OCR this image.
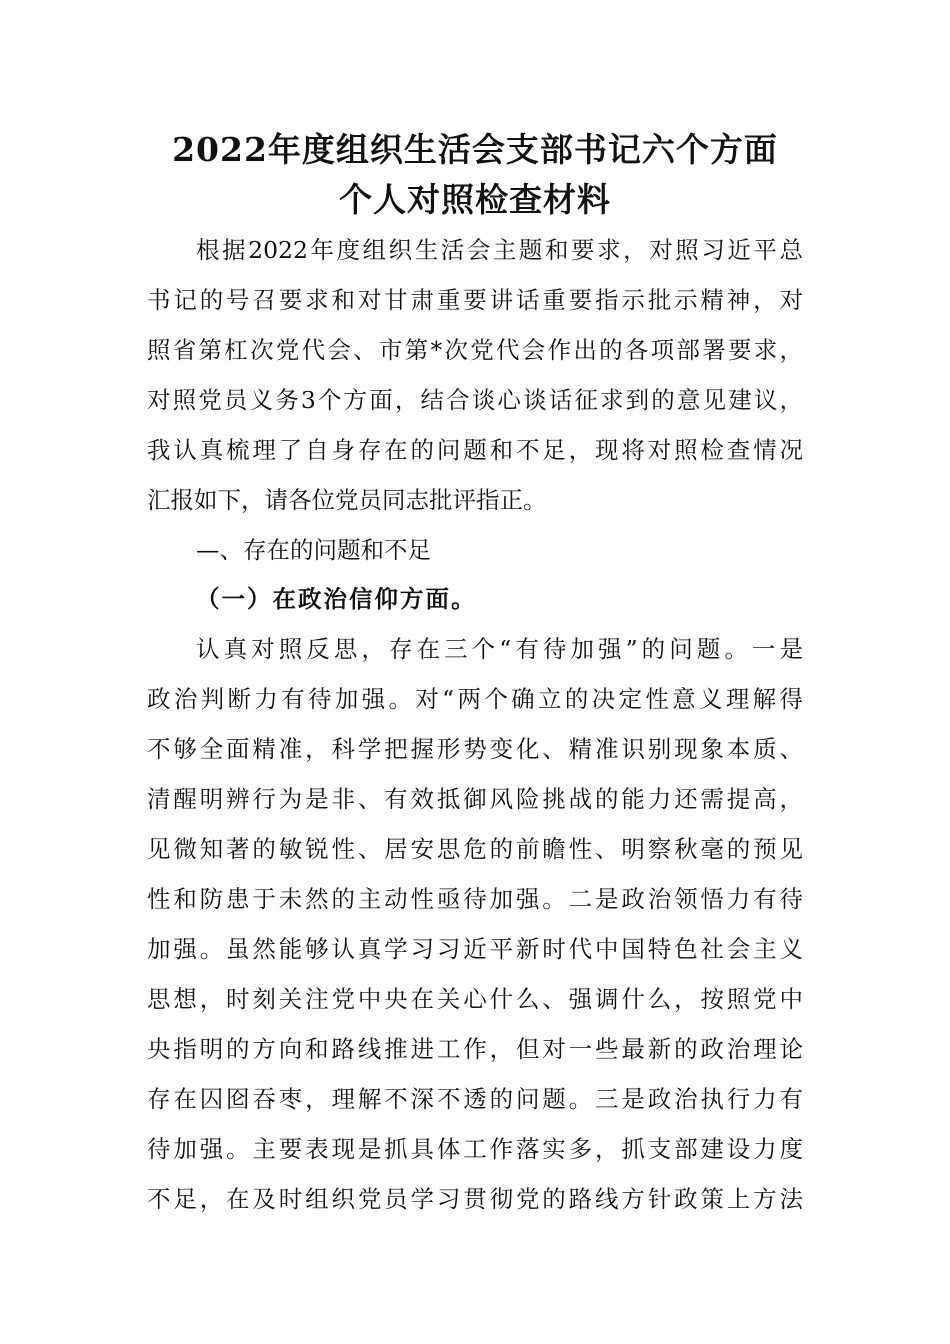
2022年度组织生活会支部书记六个方面
个人对照检查材料
根据2022年度组织生活会主题和要求，对照习近平总
书记的号召要求和对甘肃重要讲话重要指示批示精神，对
照省第杠次党代会、市第*次党代会作出的各项部署要求，
对照党员义务3个方面，结合谈心谈话征求到的意见建议，
我认真梳理了自身存在的问题和不足，现将对照检查情况
汇报如下，请各位党员同志批评指正。
—、存在的问题和不足
（一）在政治信仰方面。
认真对照反思，存在三个“有待加强”的问题。一是
政治判断力有待加强。对“两个确立的决定性意义理解得
不够全面精准，科学把握形势变化、精准识别现象本质、
清醒明辨行为是非、有效抵御风险挑战的能力还需提高，
见微知著的敏锐性、居安思危的前瞻性、明察秋毫的预见
性和防患于未然的主动性亟待加强。二是政治领悟力有待
加强。虽然能够认真学习习近平新时代中国特色社会主义
思想，时刻关注党中央在关心什么、强调什么，按照党中
央指明的方向和路线推进工作，但对一些最新的政治理论
存在囚囵吞枣，理解不深不透的问题。三是政治执行力有
待加强。主要表现是抓具体工作落实多，抓支部建设力度
不足，在及时组织党员学习贯彻党的路线方针政策上方法
